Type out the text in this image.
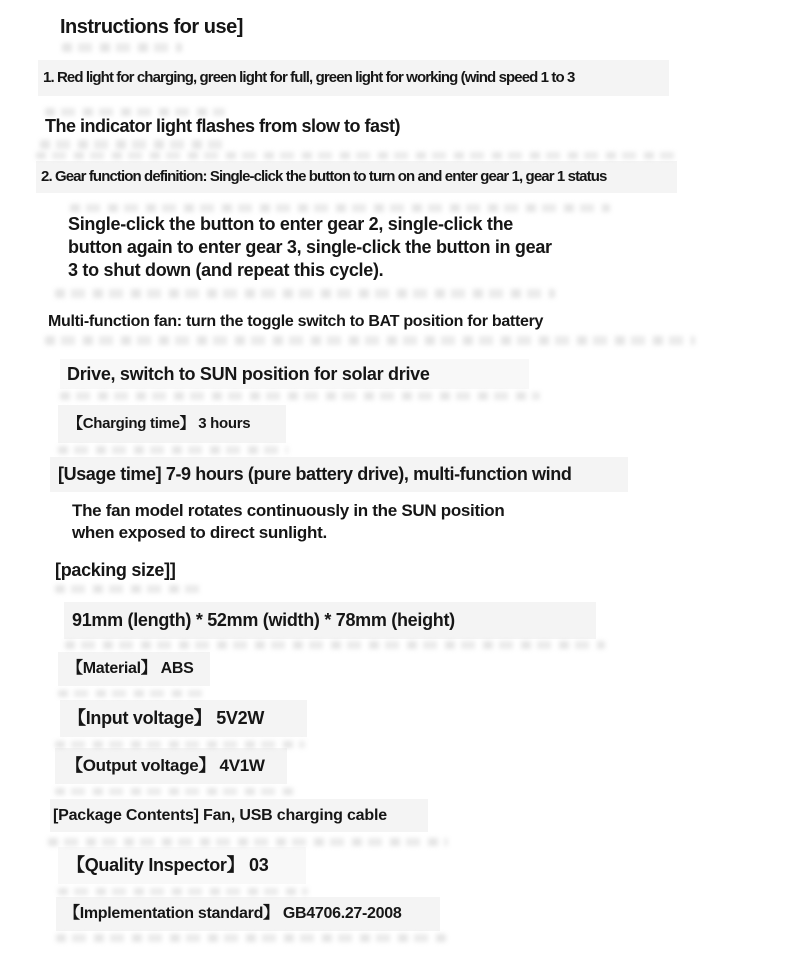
Instructions for use]
1. Red light for charging, green light for full, green light for working (wind speed 1 to 3
The indicator light flashes from slow to fast)
2. Gear function definition: Single-click the button to turn on and enter gear 1, gear 1 status
Single-click the button to enter gear 2, single-click the
button again to enter gear 3, single-click the button in gear
3 to shut down (and repeat this cycle).
Multi-function fan: turn the toggle switch to BAT position for battery
Drive, switch to SUN position for solar drive
【Charging time】 3 hours
[Usage time] 7-9 hours (pure battery drive), multi-function wind
The fan model rotates continuously in the SUN position
when exposed to direct sunlight.
[packing size]]
91mm (length) * 52mm (width) * 78mm (height)
【Material】 ABS
【Input voltage】 5V2W
【Output voltage】 4V1W
[Package Contents] Fan, USB charging cable
【Quality Inspector】 03
【Implementation standard】 GB4706.27-2008
